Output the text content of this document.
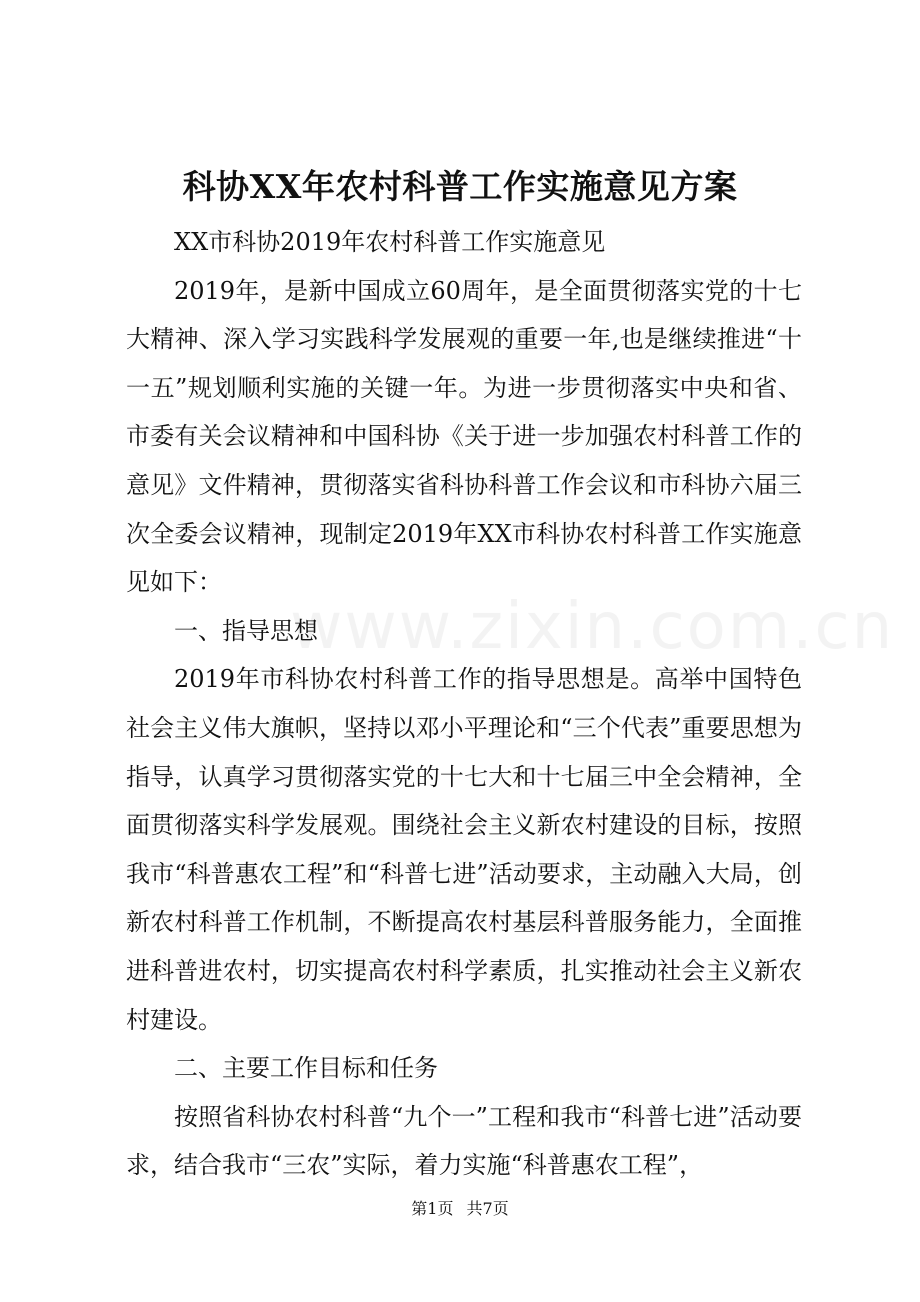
www.zixin.com.cn
科协XX年农村科普工作实施意见方案

XX市科协2019年农村科普工作实施意见

2019年，是新中国成立60周年，是全面贯彻落实党的十七大精神、深入学习实践科学发展观的重要一年,也是继续推进“十一五”规划顺利实施的关键一年。为进一步贯彻落实中央和省、市委有关会议精神和中国科协《关于进一步加强农村科普工作的意见》文件精神，贯彻落实省科协科普工作会议和市科协六届三次全委会议精神，现制定2019年XX市科协农村科普工作实施意见如下：

一、指导思想

2019年市科协农村科普工作的指导思想是。高举中国特色社会主义伟大旗帜，坚持以邓小平理论和“三个代表”重要思想为指导，认真学习贯彻落实党的十七大和十七届三中全会精神，全面贯彻落实科学发展观。围绕社会主义新农村建设的目标，按照我市“科普惠农工程”和“科普七进”活动要求，主动融入大局，创新农村科普工作机制，不断提高农村基层科普服务能力，全面推进科普进农村，切实提高农村科学素质，扎实推动社会主义新农村建设。

二、主要工作目标和任务

按照省科协农村科普“九个一”工程和我市“科普七进”活动要求，结合我市“三农”实际，着力实施“科普惠农工程”，

第1页 共7页
